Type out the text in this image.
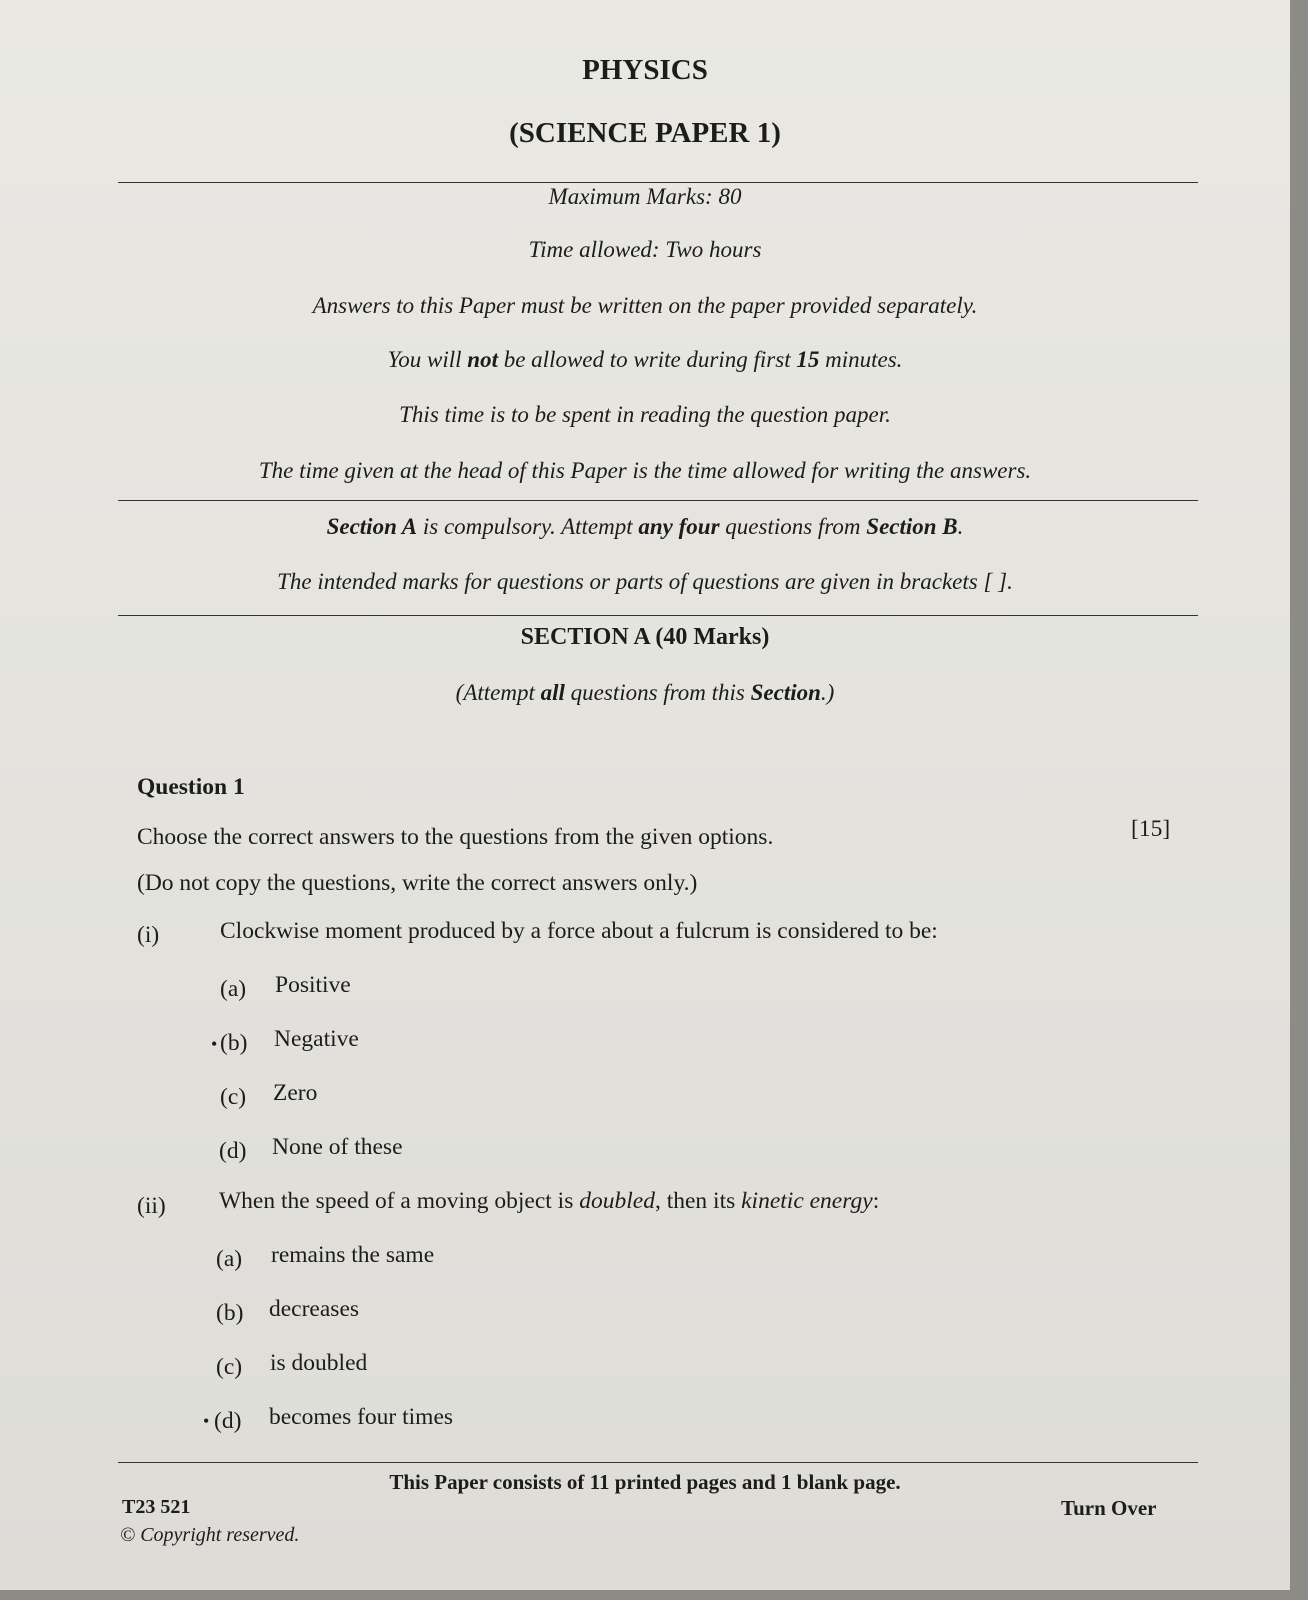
PHYSICS
(SCIENCE PAPER 1)
Maximum Marks: 80
Time allowed: Two hours
Answers to this Paper must be written on the paper provided separately.
You will not be allowed to write during first 15 minutes.
This time is to be spent in reading the question paper.
The time given at the head of this Paper is the time allowed for writing the answers.
Section A is compulsory. Attempt any four questions from Section B.
The intended marks for questions or parts of questions are given in brackets [ ].
SECTION A (40 Marks)
(Attempt all questions from this Section.)
Question 1
Choose the correct answers to the questions from the given options.	[15]
(Do not copy the questions, write the correct answers only.)
(i)	Clockwise moment produced by a force about a fulcrum is considered to be:
(a) Positive
• (b) Negative
(c) Zero
(d) None of these
(ii) When the speed of a moving object is doubled, then its kinetic energy:
(a) remains the same
(b) decreases
(c) is doubled
• (d) becomes four times
This Paper consists of 11 printed pages and 1 blank page.
T23 521	Turn Over
© Copyright reserved.
